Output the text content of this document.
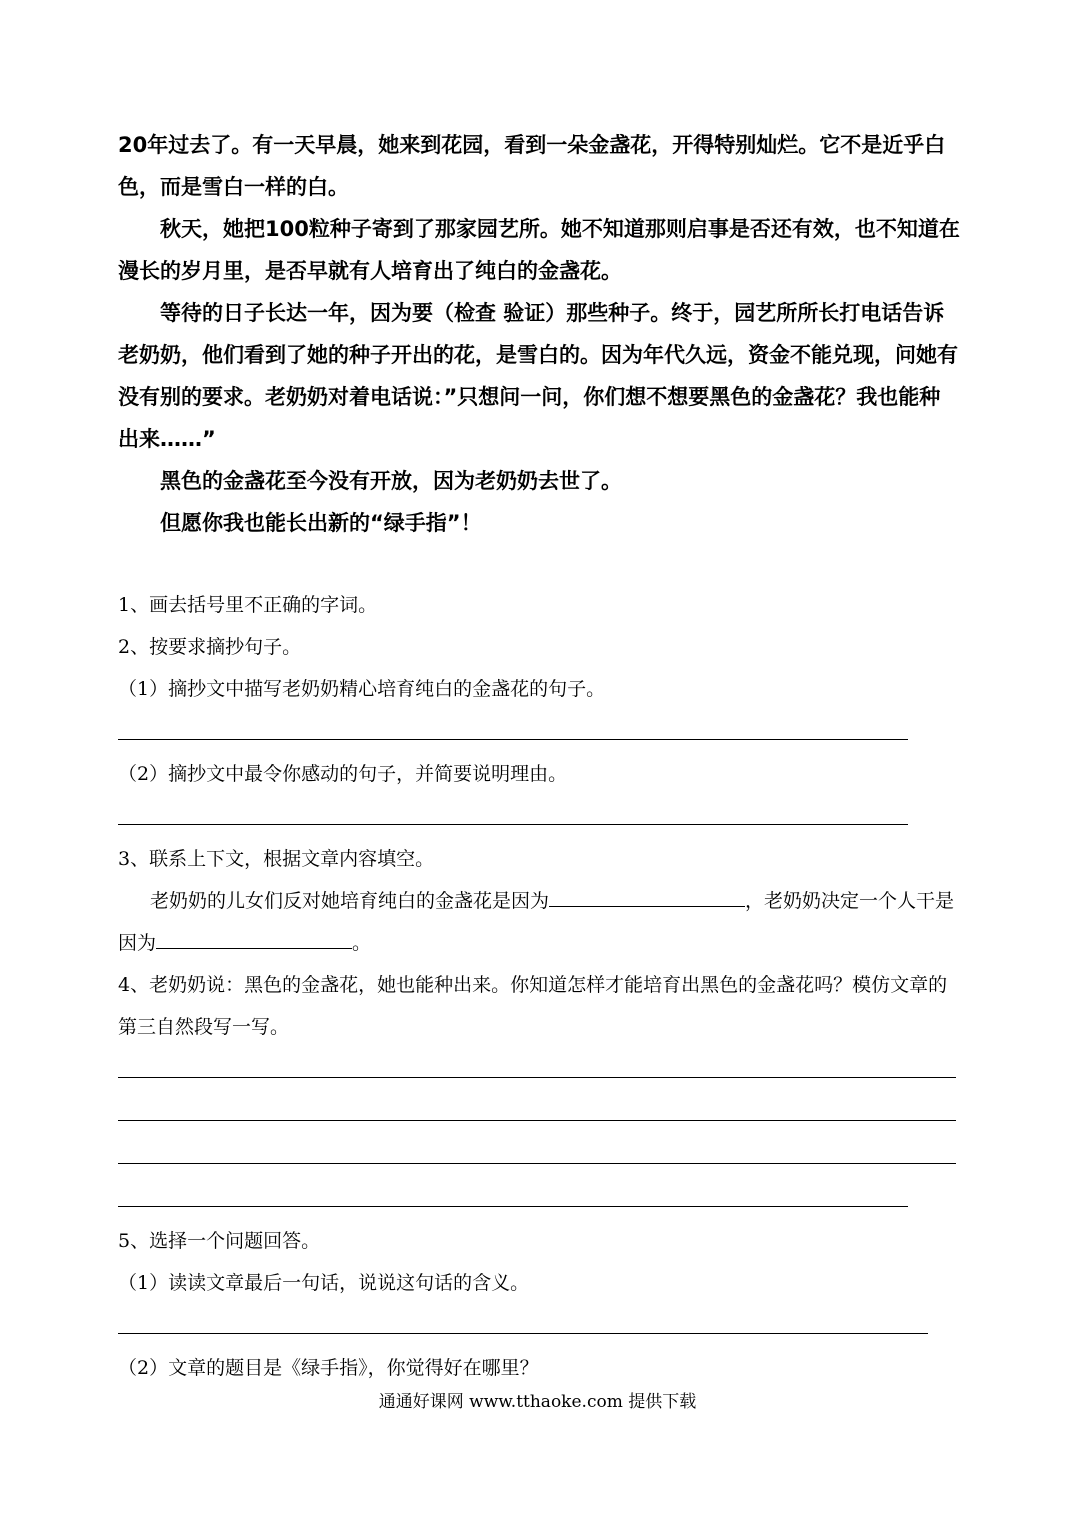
20年过去了。有一天早晨，她来到花园，看到一朵金盏花，开得特别灿烂。它不是近乎白色，而是雪白一样的白。

秋天，她把100粒种子寄到了那家园艺所。她不知道那则启事是否还有效，也不知道在漫长的岁月里，是否早就有人培育出了纯白的金盏花。

等待的日子长达一年，因为要（检查 验证）那些种子。终于，园艺所所长打电话告诉老奶奶，他们看到了她的种子开出的花，是雪白的。因为年代久远，资金不能兑现，问她有没有别的要求。老奶奶对着电话说：”只想问一问，你们想不想要黑色的金盏花？我也能种出来……”

黑色的金盏花至今没有开放，因为老奶奶去世了。

但愿你我也能长出新的“绿手指”！

1、画去括号里不正确的字词。

2、按要求摘抄句子。

（1）摘抄文中描写老奶奶精心培育纯白的金盏花的句子。

（2）摘抄文中最令你感动的句子，并简要说明理由。

3、联系上下文，根据文章内容填空。

老奶奶的儿女们反对她培育纯白的金盏花是因为	，老奶奶决定一个人干是因为	。

4、老奶奶说：黑色的金盏花，她也能种出来。你知道怎样才能培育出黑色的金盏花吗？模仿文章的第三自然段写一写。

5、选择一个问题回答。

（1）读读文章最后一句话，说说这句话的含义。

（2）文章的题目是《绿手指》，你觉得好在哪里？

通通好课网 www.tthaoke.com 提供下载
